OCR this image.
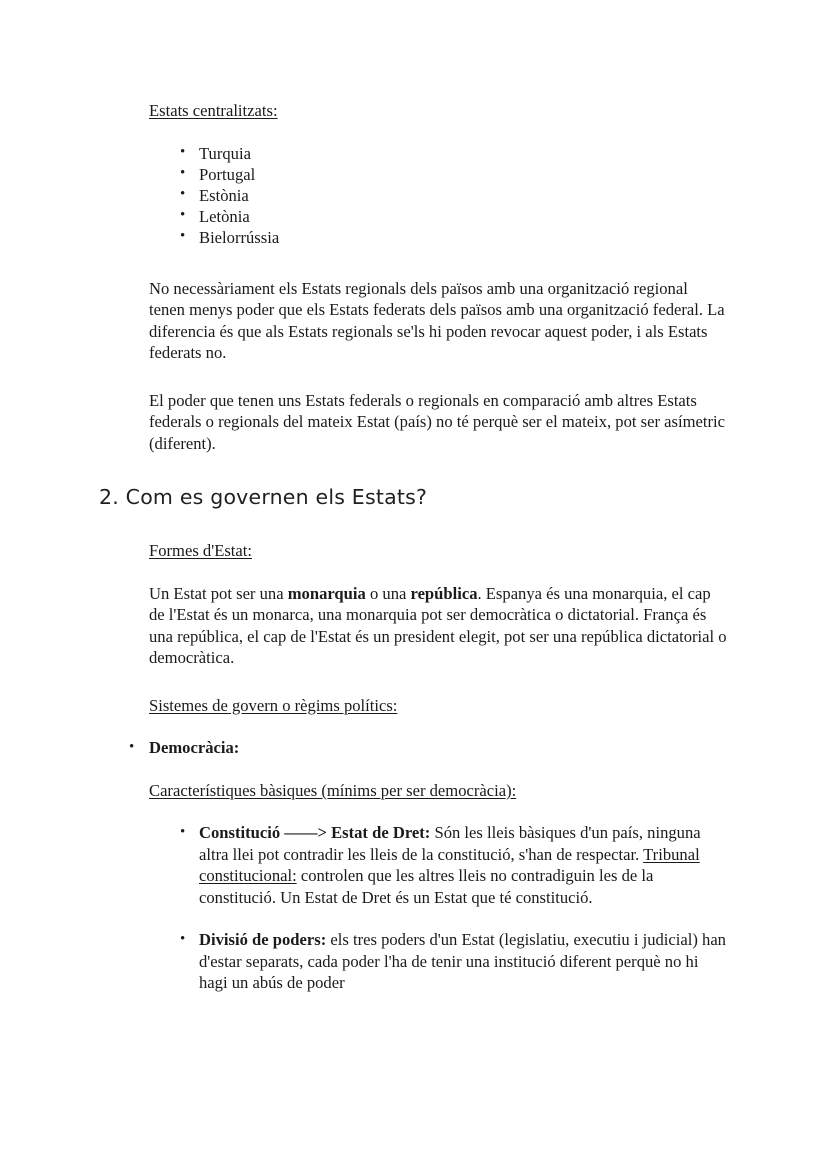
Estats centralitzats:
• Turquia
• Portugal
• Estònia
• Letònia
• Bielorrússia
No necessàriament els Estats regionals dels països amb una organització regional tenen menys poder que els Estats federats dels països amb una organització federal. La diferencia és que als Estats regionals se'ls hi poden revocar aquest poder, i als Estats federats no.
El poder que tenen uns Estats federals o regionals en comparació amb altres Estats federals o regionals del mateix Estat (país) no té perquè ser el mateix, pot ser asímetric (diferent).
2. Com es governen els Estats?
Formes d'Estat:
Un Estat pot ser una monarquia o una república. Espanya és una monarquia, el cap de l'Estat és un monarca, una monarquia pot ser democràtica o dictatorial. França és una república, el cap de l'Estat és un president elegit, pot ser una república dictatorial o democràtica.
Sistemes de govern o règims polítics:
• Democràcia:
Característiques bàsiques (mínims per ser democràcia):
• Constitució ——> Estat de Dret: Són les lleis bàsiques d'un país, ninguna altra llei pot contradir les lleis de la constitució, s'han de respectar. Tribunal constitucional: controlen que les altres lleis no contradiguin les de la constitució. Un Estat de Dret és un Estat que té constitució.
• Divisió de poders: els tres poders d'un Estat (legislatiu, executiu i judicial) han d'estar separats, cada poder l'ha de tenir una institució diferent perquè no hi hagi un abús de poder
